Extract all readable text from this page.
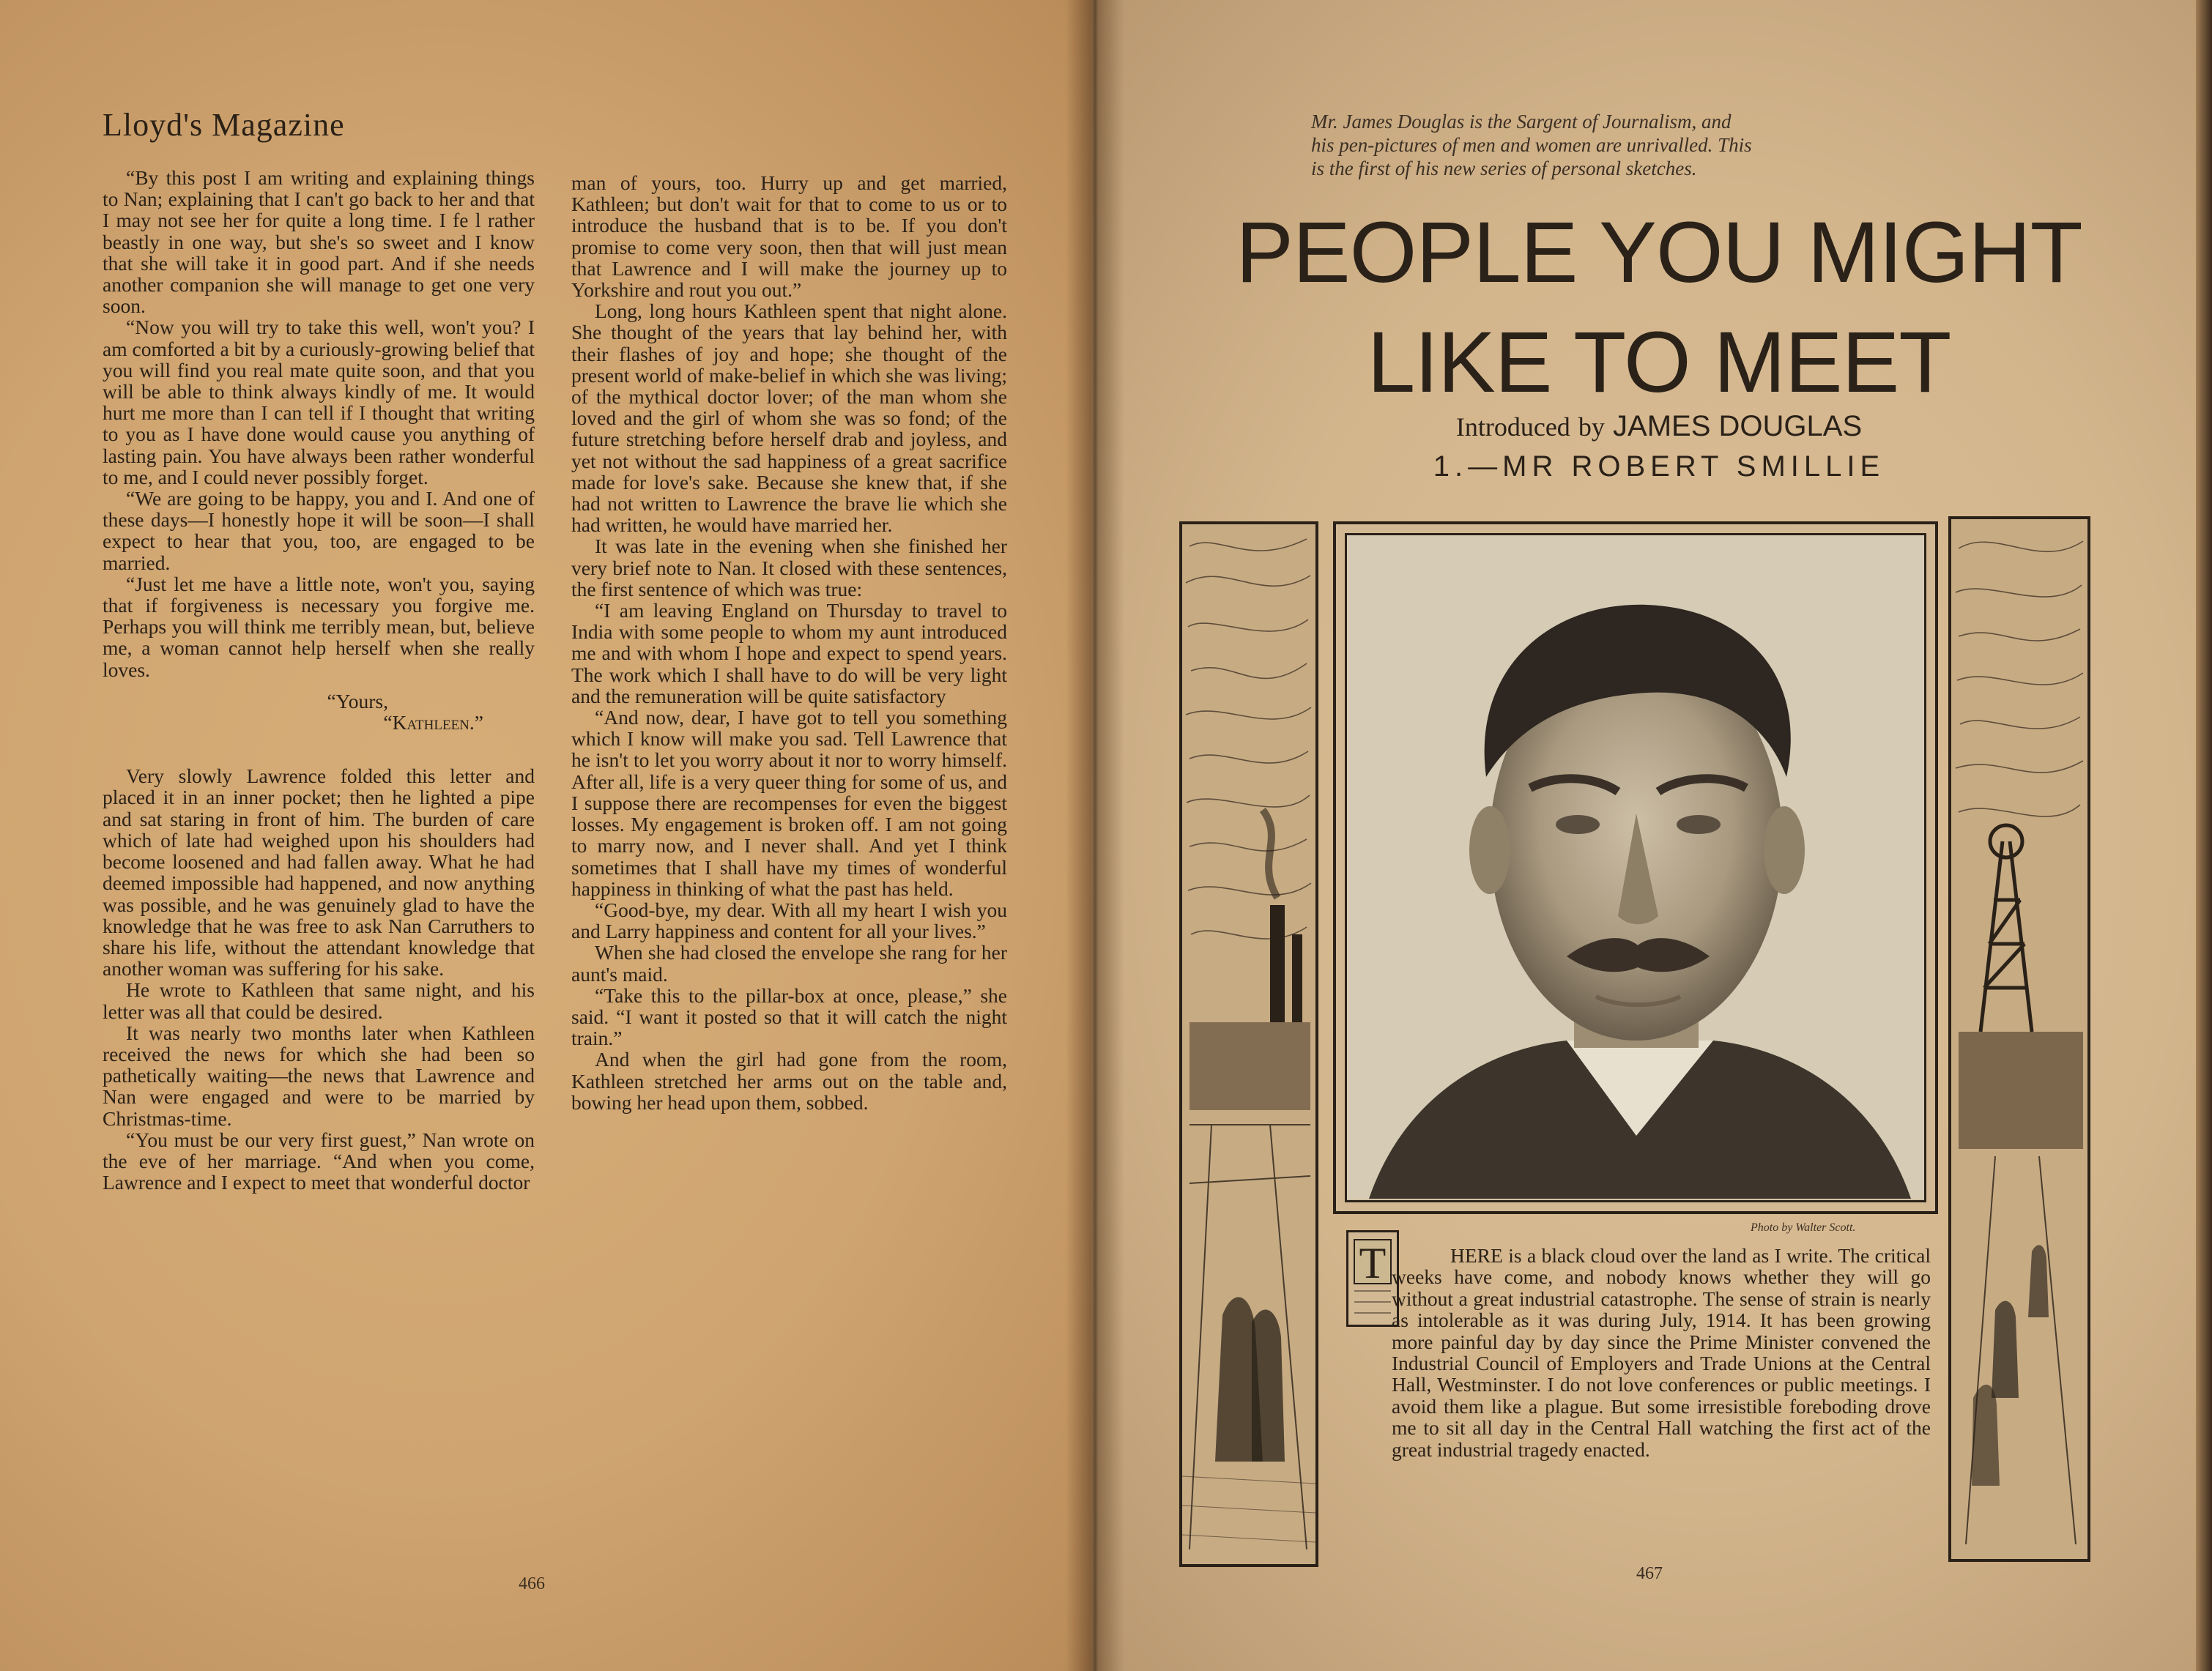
Lloyd's Magazine

“By this post I am writing and explaining things to Nan; explaining that I can't go back to her and that I may not see her for quite a long time. I fe l rather beastly in one way, but she's so sweet and I know that she will take it in good part. And if she needs another companion she will manage to get one very soon.

“Now you will try to take this well, won't you? I am comforted a bit by a curiously-growing belief that you will find you real mate quite soon, and that you will be able to think always kindly of me. It would hurt me more than I can tell if I thought that writing to you as I have done would cause you anything of lasting pain. You have always been rather wonderful to me, and I could never possibly forget.

“We are going to be happy, you and I. And one of these days—I honestly hope it will be soon—I shall expect to hear that you, too, are engaged to be married.

“Just let me have a little note, won't you, saying that if forgiveness is necessary you forgive me. Perhaps you will think me terribly mean, but, believe me, a woman cannot help herself when she really loves.

“Yours,

“Kathleen.”

Very slowly Lawrence folded this letter and placed it in an inner pocket; then he lighted a pipe and sat staring in front of him. The burden of care which of late had weighed upon his shoulders had become loosened and had fallen away. What he had deemed impossible had happened, and now anything was possible, and he was genuinely glad to have the knowledge that he was free to ask Nan Carruthers to share his life, without the attendant knowledge that another woman was suffering for his sake.

He wrote to Kathleen that same night, and his letter was all that could be desired.

It was nearly two months later when Kathleen received the news for which she had been so pathetically waiting—the news that Lawrence and Nan were engaged and were to be married by Christmas-time.

“You must be our very first guest,” Nan wrote on the eve of her marriage. “And when you come, Lawrence and I expect to meet that wonderful doctor

man of yours, too. Hurry up and get married, Kathleen; but don't wait for that to come to us or to introduce the husband that is to be. If you don't promise to come very soon, then that will just mean that Lawrence and I will make the journey up to Yorkshire and rout you out.”

Long, long hours Kathleen spent that night alone. She thought of the years that lay behind her, with their flashes of joy and hope; she thought of the present world of make-belief in which she was living; of the mythical doctor lover; of the man whom she loved and the girl of whom she was so fond; of the future stretching before herself drab and joyless, and yet not without the sad happiness of a great sacrifice made for love's sake. Because she knew that, if she had not written to Lawrence the brave lie which she had written, he would have married her.

It was late in the evening when she finished her very brief note to Nan. It closed with these sentences, the first sentence of which was true:

“I am leaving England on Thursday to travel to India with some people to whom my aunt introduced me and with whom I hope and expect to spend years. The work which I shall have to do will be very light and the remuneration will be quite satisfactory

“And now, dear, I have got to tell you something which I know will make you sad. Tell Lawrence that he isn't to let you worry about it nor to worry himself. After all, life is a very queer thing for some of us, and I suppose there are recompenses for even the biggest losses. My engagement is broken off. I am not going to marry now, and I never shall. And yet I think sometimes that I shall have my times of wonderful happiness in thinking of what the past has held.

“Good-bye, my dear. With all my heart I wish you and Larry happiness and content for all your lives.”

When she had closed the envelope she rang for her aunt's maid.

“Take this to the pillar-box at once, please,” she said. “I want it posted so that it will catch the night train.”

And when the girl had gone from the room, Kathleen stretched her arms out on the table and, bowing her head upon them, sobbed.

466
Mr. James Douglas is the Sargent of Journalism, and
his pen-pictures of men and women are unrivalled. This
is the first of his new series of personal sketches.
PEOPLE YOU MIGHT
LIKE TO MEET
Introduced by JAMES DOUGLAS
1.—MR ROBERT SMILLIE
Photo by Walter Scott.
T	HERE is a black cloud over the land as I write. The critical weeks have come, and nobody knows whether they will go without a great industrial catastrophe. The sense of strain is nearly as intolerable as it was during July, 1914. It has been growing more painful day by day since the Prime Minister convened the Industrial Council of Employers and Trade Unions at the Central Hall, Westminster. I do not love conferences or public meetings. I avoid them like a plague. But some irresistible foreboding drove me to sit all day in the Central Hall watching the first act of the great industrial tragedy enacted.
467
